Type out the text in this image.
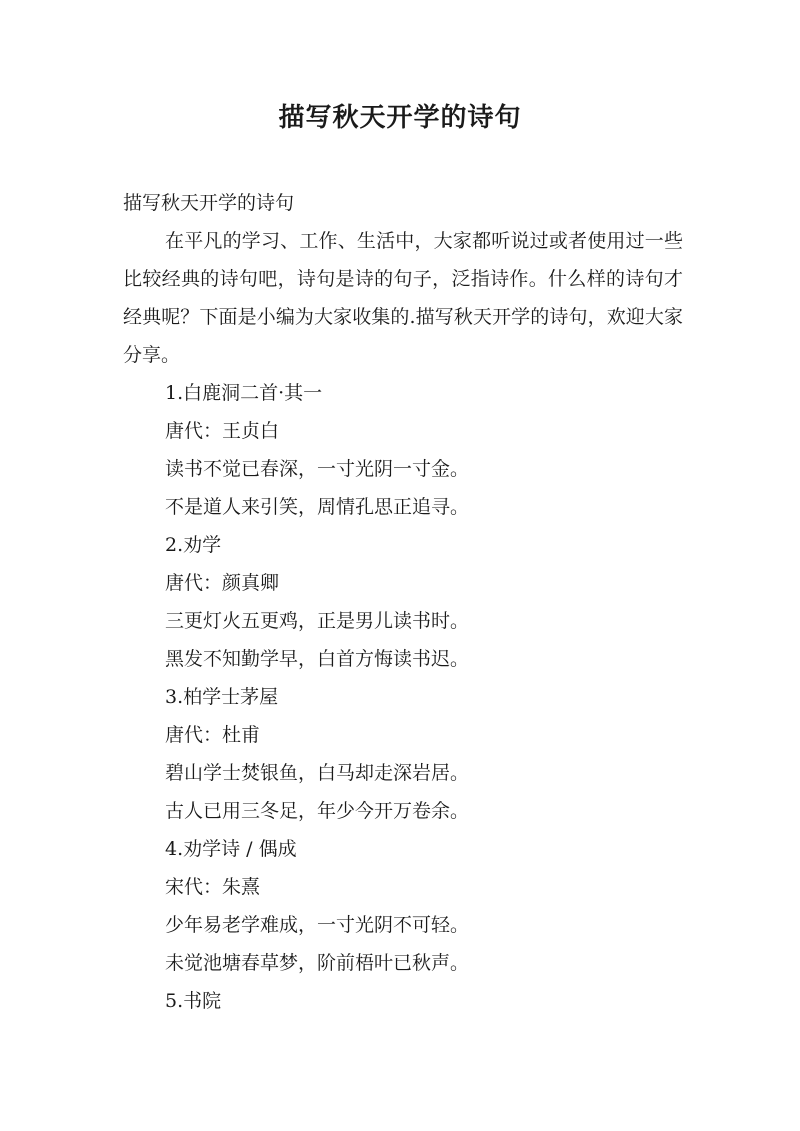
描写秋天开学的诗句
描写秋天开学的诗句

在平凡的学习、工作、生活中，大家都听说过或者使用过一些比较经典的诗句吧，诗句是诗的句子，泛指诗作。什么样的诗句才经典呢？下面是小编为大家收集的.描写秋天开学的诗句，欢迎大家分享。

1.白鹿洞二首·其一
唐代：王贞白
读书不觉已春深，一寸光阴一寸金。
不是道人来引笑，周情孔思正追寻。
2.劝学
唐代：颜真卿
三更灯火五更鸡，正是男儿读书时。
黑发不知勤学早，白首方悔读书迟。
3.柏学士茅屋
唐代：杜甫
碧山学士焚银鱼，白马却走深岩居。
古人已用三冬足，年少今开万卷余。
4.劝学诗 / 偶成
宋代：朱熹
少年易老学难成，一寸光阴不可轻。
未觉池塘春草梦，阶前梧叶已秋声。
5.书院
